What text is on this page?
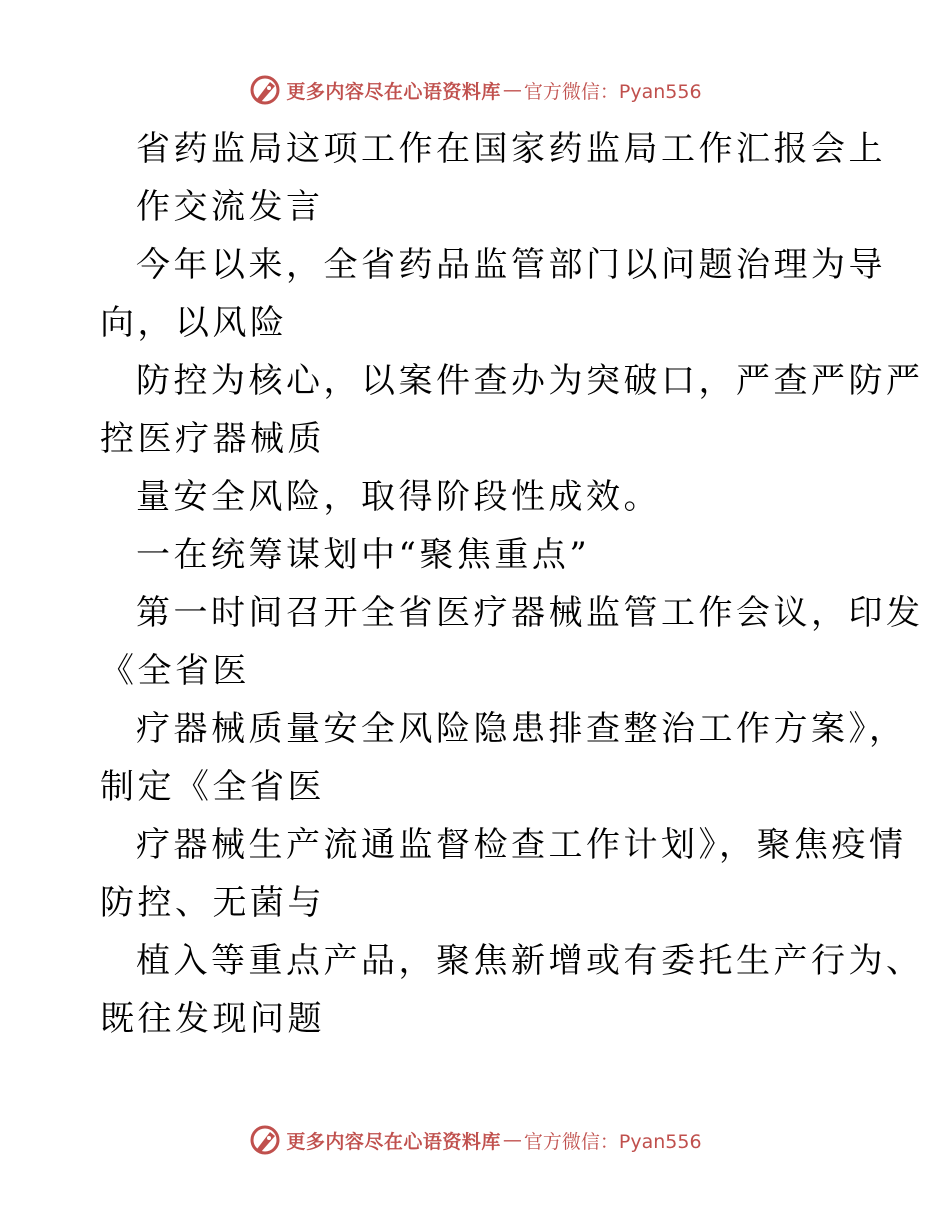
更多内容尽在心语资料库 — 官方微信：Pyan556

省药监局这项工作在国家药监局工作汇报会上

作交流发言

今年以来，全省药品监管部门以问题治理为导

向，以风险

防控为核心，以案件查办为突破口，严查严防严

控医疗器械质

量安全风险，取得阶段性成效。

一在统筹谋划中“聚焦重点”

第一时间召开全省医疗器械监管工作会议，印发

《全省医

疗器械质量安全风险隐患排查整治工作方案》，

制定《全省医

疗器械生产流通监督检查工作计划》，聚焦疫情

防控、无菌与

植入等重点产品，聚焦新增或有委托生产行为、

既往发现问题

更多内容尽在心语资料库 — 官方微信：Pyan556
